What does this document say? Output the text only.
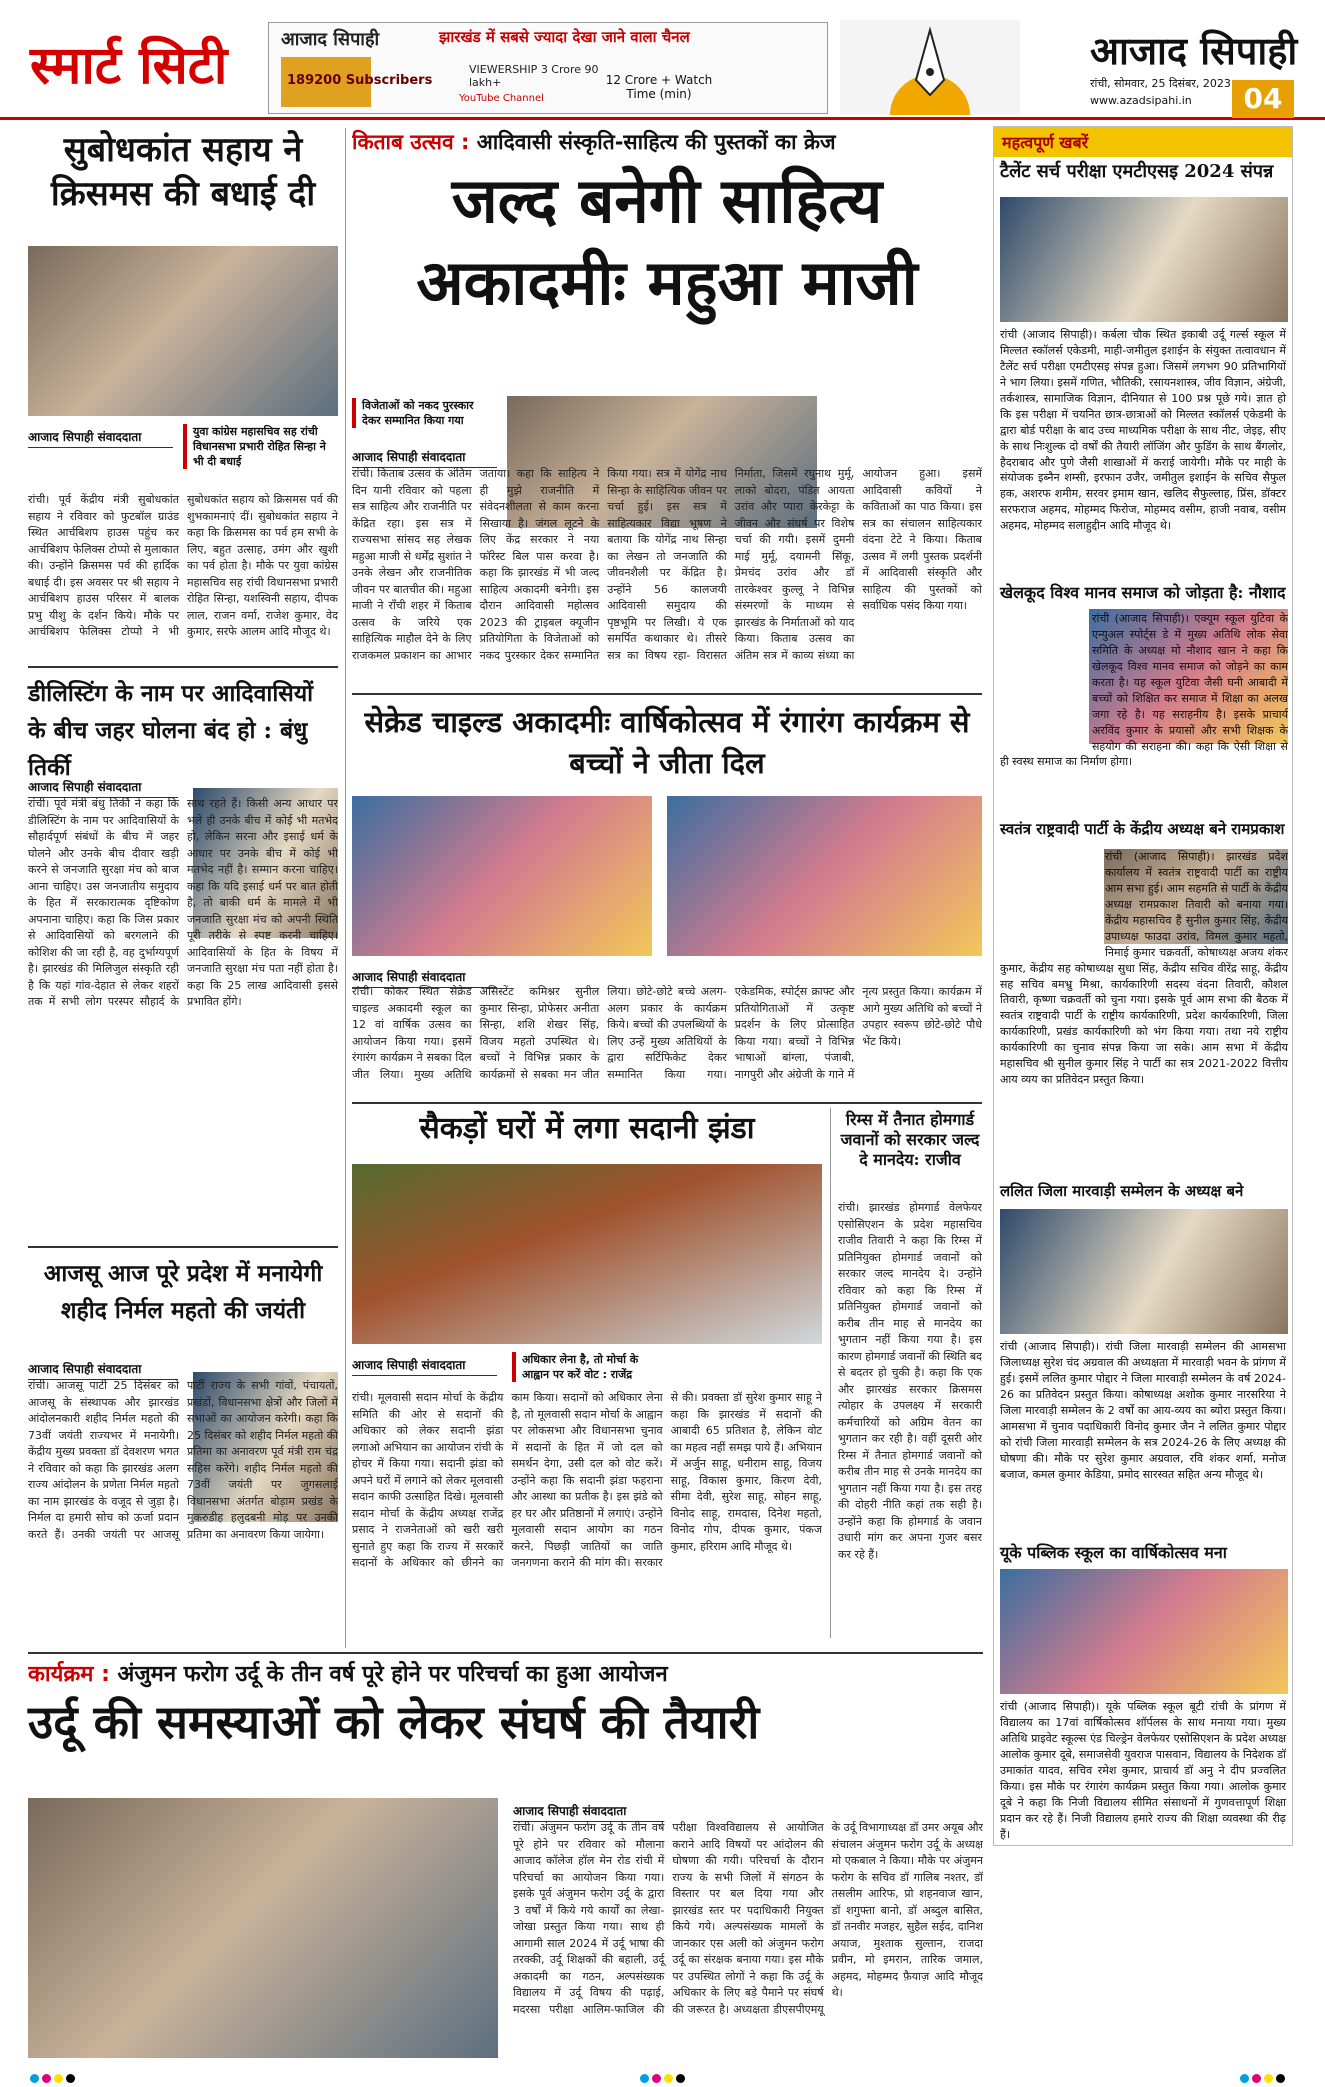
स्मार्ट सिटी	आजाद सिपाही	झारखंड में सबसे ज्यादा देखा जाने वाला चैनल
189200 Subscribers
VIEWERSHIP 3 Crore 90 lakh+	12 Crore + Watch Time (min)
YouTube Channel
आजाद सिपाही
रांची, सोमवार, 25 दिसंबर, 2023
www.azadsipahi.in	04
सुबोधकांत सहाय ने क्रिसमस की बधाई दी
आजाद सिपाही संवाददाता	युवा कांग्रेस महासचिव सह रांची विधानसभा प्रभारी रोहित सिन्हा ने भी दी बधाई
रांची। पूर्व केंद्रीय मंत्री सुबोधकांत सहाय ने रविवार को फुटबॉल ग्राउंड स्थित आर्चबिशप हाउस पहुंच कर आर्चबिशप फेलिक्स टोप्पो से मुलाकात की। उन्होंने क्रिसमस पर्व की हार्दिक बधाई दी। इस अवसर पर श्री सहाय ने आर्चबिशप हाउस परिसर में बालक प्रभु यीशु के दर्शन किये। मौके पर आर्चबिशप फेलिक्स टोप्पो ने भी सुबोधकांत सहाय को क्रिसमस पर्व की शुभकामनाएं दीं। सुबोधकांत सहाय ने कहा कि क्रिसमस का पर्व हम सभी के लिए, बहुत उत्साह, उमंग और खुशी का पर्व होता है। मौके पर युवा कांग्रेस महासचिव सह रांची विधानसभा प्रभारी रोहित सिन्हा, यशस्विनी सहाय, दीपक लाल, राजन वर्मा, राजेश कुमार, वेद कुमार, सरफे आलम आदि मौजूद थे।
डीलिस्टिंग के नाम पर आदिवासियों के बीच जहर घोलना बंद हो : बंधु तिर्की
आजाद सिपाही संवाददाता
रांची। पूर्व मंत्री बंधु तिर्की ने कहा कि डीलिस्टिंग के नाम पर आदिवासियों के सौहार्दपूर्ण संबंधों के बीच में जहर घोलने और उनके बीच दीवार खड़ी करने से जनजाति सुरक्षा मंच को बाज आना चाहिए। उस जनजातीय समुदाय के हित में सरकारात्मक दृष्टिकोण अपनाना चाहिए। कहा कि जिस प्रकार से आदिवासियों को बरगलाने की कोशिश की जा रही है, वह दुर्भाग्यपूर्ण है। झारखंड की मिलिजुल संस्कृति रही है कि यहां गांव-देहात से लेकर शहरों तक में सभी लोग परस्पर सौहार्द के साथ रहते हैं। किसी अन्य आधार पर भले ही उनके बीच में कोई भी मतभेद हो, लेकिन सरना और इसाई धर्म के आधार पर उनके बीच में कोई भी मतभेद नहीं है। सम्मान करना चाहिए। कहा कि यदि इसाई धर्म पर बात होती है, तो बाकी धर्म के मामले में भी जनजाति सुरक्षा मंच को अपनी स्थिति पूरी तरीके से स्पष्ट करनी चाहिए। आदिवासियों के हित के विषय में जनजाति सुरक्षा मंच पता नहीं होता है। कहा कि 25 लाख आदिवासी इससे प्रभावित होंगे।
आजसू आज पूरे प्रदेश में मनायेगी शहीद निर्मल महतो की जयंती
आजाद सिपाही संवाददाता
रांची। आजसू पार्टी 25 दिसंबर को आजसू के संस्थापक और झारखंड आंदोलनकारी शहीद निर्मल महतो की 73वीं जयंती राज्यभर में मनायेगी। केंद्रीय मुख्य प्रवक्ता डॉ देवशरण भगत ने रविवार को कहा कि झारखंड अलग राज्य आंदोलन के प्रणेता निर्मल महतो का नाम झारखंड के वजूद से जुड़ा है। निर्मल दा हमारी सोच को ऊर्जा प्रदान करते हैं। उनकी जयंती पर आजसू पार्टी राज्य के सभी गांवों, पंचायतों, प्रखंडों, विधानसभा क्षेत्रों और जिलों में सभाओं का आयोजन करेगी। कहा कि 25 दिसंबर को शहीद निर्मल महतो की प्रतिमा का अनावरण पूर्व मंत्री राम चंद्र सहिस करेंगे। शहीद निर्मल महतो की 73वीं जयंती पर जुगसलाई विधानसभा अंतर्गत बोड़ाम प्रखंड के मुकरुडीह हलुदबनी मोड़ पर उनकी प्रतिमा का अनावरण किया जायेगा।
किताब उत्सव : आदिवासी संस्कृति-साहित्य की पुस्तकों का क्रेज
जल्द बनेगी साहित्य अकादमीः महुआ माजी
विजेताओं को नकद पुरस्कार देकर सम्मानित किया गया
आजाद सिपाही संवाददाता
रांची। किताब उत्सव के अंतिम दिन यानी रविवार को पहला सत्र साहित्य और राजनीति पर केंद्रित रहा। इस सत्र में राज्यसभा सांसद सह लेखक महुआ माजी से धर्मेंद्र सुशांत ने उनके लेखन और राजनीतिक जीवन पर बातचीत की। महुआ माजी ने राँची शहर में किताब उत्सव के जरिये एक साहित्यिक माहौल देने के लिए राजकमल प्रकाशन का आभार जताया। कहा कि साहित्य ने ही मुझे राजनीति में संवेदनशीलता से काम करना सिखाया है। जंगल लूटने के लिए केंद्र सरकार ने नया फॉरेस्ट बिल पास करवा है। कहा कि झारखंड में भी जल्द साहित्य अकादमी बनेगी। इस दौरान आदिवासी महोत्सव 2023 की ट्राइबल क्यूजीन प्रतियोगिता के विजेताओं को नकद पुरस्कार देकर सम्मानित किया गया। सत्र में योगेंद्र नाथ सिन्हा के साहित्यिक जीवन पर चर्चा हुई। इस सत्र में साहित्यकार विद्या भूषण ने बताया कि योगेंद्र नाथ सिन्हा का लेखन तो जनजाति की जीवनशैली पर केंद्रित है। उन्होंने 56 कालजयी आदिवासी समुदाय की पृष्ठभूमि पर लिखी। ये एक समर्पित कथाकार थे। तीसरे सत्र का विषय रहा- विरासत निर्माता, जिसमें रघुनाथ मुर्मू, लाको बोदरा, पंडित आयता उरांव और प्यारा केरकेट्टा के जीवन और संघर्ष पर विशेष चर्चा की गयी। इसमें दुमनी माई मुर्मू, दयामनी सिंकू, प्रेमचंद उरांव और डॉ तारकेश्वर कुल्लू ने विभिन्न संस्मरणों के माध्यम से झारखंड के निर्माताओं को याद किया। किताब उत्सव का अंतिम सत्र में काव्य संध्या का आयोजन हुआ। इसमें आदिवासी कवियों ने कविताओं का पाठ किया। इस सत्र का संचालन साहित्यकार वंदना टेटे ने किया। किताब उत्सव में लगी पुस्तक प्रदर्शनी में आदिवासी संस्कृति और साहित्य की पुस्तकों को सर्वाधिक पसंद किया गया।
सेक्रेड चाइल्ड अकादमीः वार्षिकोत्सव में रंगारंग कार्यक्रम से बच्चों ने जीता दिल
आजाद सिपाही संवाददाता
रांची। कोकर स्थित सेक्रेड चाइल्ड अकादमी स्कूल का 12 वां वार्षिक उत्सव का आयोजन किया गया। इसमें रंगारंग कार्यक्रम ने सबका दिल जीत लिया। मुख्य अतिथि असिस्टेंट कमिश्नर सुनील कुमार सिन्हा, प्रोफेसर अनीता सिन्हा, शशि शेखर सिंह, विजय महतो उपस्थित थे। बच्चों ने विभिन्न प्रकार के कार्यक्रमों से सबका मन जीत लिया। छोटे-छोटे बच्चे अलग-अलग प्रकार के कार्यक्रम किये। बच्चों की उपलब्धियों के लिए उन्हें मुख्य अतिथियों के द्वारा सर्टिफिकेट देकर सम्मानित किया गया। एकेडमिक, स्पोर्ट्स क्राफ्ट और प्रतियोगिताओं में उत्कृष्ट प्रदर्शन के लिए प्रोत्साहित किया गया। बच्चों ने विभिन्न भाषाओं बांग्ला, पंजाबी, नागपुरी और अंग्रेजी के गाने में नृत्य प्रस्तुत किया। कार्यक्रम में आगे मुख्य अतिथि को बच्चों ने उपहार स्वरूप छोटे-छोटे पौधे भेंट किये।
सैकड़ों घरों में लगा सदानी झंडा
आजाद सिपाही संवाददाता	अधिकार लेना है, तो मोर्चा के आह्वान पर करें वोट : राजेंद्र
रांची। मूलवासी सदान मोर्चा के केंद्रीय समिति की ओर से सदानों की अधिकार को लेकर सदानी झंडा लगाओ अभियान का आयोजन रांची के होचर में किया गया। सदानी झंडा को अपने घरों में लगाने को लेकर मूलवासी सदान काफी उत्साहित दिखे। मूलवासी सदान मोर्चा के केंद्रीय अध्यक्ष राजेंद्र प्रसाद ने राजनेताओं को खरी खरी सुनाते हुए कहा कि राज्य में सरकारें सदानों के अधिकार को छीनने का काम किया। सदानों को अधिकार लेना है, तो मूलवासी सदान मोर्चा के आह्वान पर लोकसभा और विधानसभा चुनाव में सदानों के हित में जो दल को समर्थन देगा, उसी दल को वोट करें। उन्होंने कहा कि सदानी झंडा फहराना और आस्था का प्रतीक है। इस झंडे को हर घर और प्रतिष्ठानों में लगाएं। उन्होंने मूलवासी सदान आयोग का गठन करने, पिछड़ी जातियों का जाति जनगणना कराने की मांग की। सरकार से की। प्रवक्ता डॉ सुरेश कुमार साहू ने कहा कि झारखंड में सदानों की आबादी 65 प्रतिशत है, लेकिन वोट का महत्व नहीं समझ पाये हैं। अभियान में अर्जुन साहू, धनीराम साहू, विजय साहू, विकास कुमार, किरण देवी, सीमा देवी, सुरेश साहू, सोहन साहू, विनोद साहू, रामदास, दिनेश महतो, विनोद गोप, दीपक कुमार, पंकज कुमार, हरिराम आदि मौजूद थे।
रिम्स में तैनात होमगार्ड जवानों को सरकार जल्द दे मानदेय: राजीव
रांची। झारखंड होमगार्ड वेलफेयर एसोसिएशन के प्रदेश महासचिव राजीव तिवारी ने कहा कि रिम्स में प्रतिनियुक्त होमगार्ड जवानों को सरकार जल्द मानदेय दे। उन्होंने रविवार को कहा कि रिम्स में प्रतिनियुक्त होमगार्ड जवानों को करीब तीन माह से मानदेय का भुगतान नहीं किया गया है। इस कारण होमगार्ड जवानों की स्थिति बद से बदतर हो चुकी है। कहा कि एक और झारखंड सरकार क्रिसमस त्योहार के उपलक्ष्य में सरकारी कर्मचारियों को अग्रिम वेतन का भुगतान कर रही है। वहीं दूसरी ओर रिम्स में तैनात होमगार्ड जवानों को करीब तीन माह से उनके मानदेय का भुगतान नहीं किया गया है। इस तरह की दोहरी नीति कहां तक सही है। उन्होंने कहा कि होमगार्ड के जवान उधारी मांग कर अपना गुजर बसर कर रहे हैं।
महत्वपूर्ण खबरें
टैलेंट सर्च परीक्षा एमटीएसइ 2024 संपन्न
रांची (आजाद सिपाही)। कर्बला चौक स्थित इकाबी उर्दू गर्ल्स स्कूल में मिल्लत स्कॉलर्स एकेडमी, माही-जमीतुल इशाईन के संयुक्त तत्वावधान में टैलेंट सर्च परीक्षा एमटीएसइ संपन्न हुआ। जिसमें लगभग 90 प्रतिभागियों ने भाग लिया। इसमें गणित, भौतिकी, रसायनशास्त्र, जीव विज्ञान, अंग्रेजी, तर्कशास्त्र, सामाजिक विज्ञान, दीनियात से 100 प्रश्न पूछे गये। ज्ञात हो कि इस परीक्षा में चयनित छात्र-छात्राओं को मिल्लत स्कॉलर्स एकेडमी के द्वारा बोर्ड परीक्षा के बाद उच्च माध्यमिक परीक्षा के साथ नीट, जेइइ, सीए के साथ निःशुल्क दो वर्षों की तैयारी लॉजिंग और फुडिंग के साथ बैंगलोर, हैदराबाद और पुणे जैसी शाखाओं में कराई जायेगी। मौके पर माही के संयोजक इब्नैन शम्सी, इरफान उजैर, जमीतुल इशाईन के सचिव सैफुल हक, अशरफ शमीम, सरवर इमाम खान, खलिद सैफुल्लाह, प्रिंस, डॉक्टर सरफराज अहमद, मोहम्मद फिरोज, मोहम्मद वसीम, हाजी नवाब, वसीम अहमद, मोहम्मद सलाहुद्दीन आदि मौजूद थे।
खेलकूद विश्व मानव समाज को जोड़ता है: नौशाद
रांची (आजाद सिपाही)। एक्यूम स्कूल युटिवा के एन्युअल स्पोर्ट्स डे में मुख्य अतिथि लोक सेवा समिति के अध्यक्ष मो नौशाद खान ने कहा कि खेलकूद विश्व मानव समाज को जोड़ने का काम करता है। यह स्कूल युटिवा जैसी घनी आबादी में बच्चों को शिक्षित कर समाज में शिक्षा का अलख जगा रहे है। यह सराहनीय है। इसके प्राचार्य अरविंद कुमार के प्रयासों और सभी शिक्षक के सहयोग की सराहना की। कहा कि ऐसी शिक्षा से ही स्वस्थ समाज का निर्माण होगा।
स्वतंत्र राष्ट्रवादी पार्टी के केंद्रीय अध्यक्ष बने रामप्रकाश
रांची (आजाद सिपाही)। झारखंड प्रदेश कार्यालय में स्वतंत्र राष्ट्रवादी पार्टी का राष्ट्रीय आम सभा हुई। आम सहमति से पार्टी के केंद्रीय अध्यक्ष रामप्रकाश तिवारी को बनाया गया। केंद्रीय महासचिव हैं सुनील कुमार सिंह, केंद्रीय उपाध्यक्ष फाउदा उरांव, विमल कुमार महतो, निमाई कुमार चक्रवर्ती, कोषाध्यक्ष अजय शंकर कुमार, केंद्रीय सह कोषाध्यक्ष सुधा सिंह, केंद्रीय सचिव वीरेंद्र साहू, केंद्रीय सह सचिव बमभ्रु मिश्रा, कार्यकारिणी सदस्य वंदना तिवारी, कौशल तिवारी, कृष्णा चक्रवर्ती को चुना गया। इसके पूर्व आम सभा की बैठक में स्वतंत्र राष्ट्रवादी पार्टी के राष्ट्रीय कार्यकारिणी, प्रदेश कार्यकारिणी, जिला कार्यकारिणी, प्रखंड कार्यकारिणी को भंग किया गया। तथा नये राष्ट्रीय कार्यकारिणी का चुनाव संपन्न किया जा सके। आम सभा में केंद्रीय महासचिव श्री सुनील कुमार सिंह ने पार्टी का सत्र 2021-2022 वित्तीय आय व्यय का प्रतिवेदन प्रस्तुत किया।
ललित जिला मारवाड़ी सम्मेलन के अध्यक्ष बने
रांची (आजाद सिपाही)। रांची जिला मारवाड़ी सम्मेलन की आमसभा जिलाध्यक्ष सुरेश चंद अग्रवाल की अध्यक्षता में मारवाड़ी भवन के प्रांगण में हुई। इसमें ललित कुमार पोद्दार ने जिला मारवाड़ी सम्मेलन के वर्ष 2024-26 का प्रतिवेदन प्रस्तुत किया। कोषाध्यक्ष अशोक कुमार नारसरिया ने जिला मारवाड़ी सम्मेलन के 2 वर्षों का आय-व्यय का ब्योरा प्रस्तुत किया। आमसभा में चुनाव पदाधिकारी विनोद कुमार जैन ने ललित कुमार पोद्दार को रांची जिला मारवाड़ी सम्मेलन के सत्र 2024-26 के लिए अध्यक्ष की घोषणा की। मौके पर सुरेश कुमार अग्रवाल, रवि शंकर शर्मा, मनोज बजाज, कमल कुमार केडिया, प्रमोद सारस्वत सहित अन्य मौजूद थे।
यूके पब्लिक स्कूल का वार्षिकोत्सव मना
रांची (आजाद सिपाही)। यूके पब्लिक स्कूल बूटी रांची के प्रांगण में विद्यालय का 17वां वार्षिकोत्सव शॉर्पलस के साथ मनाया गया। मुख्य अतिथि प्राइवेट स्कूल्स एंड चिल्ड्रेन वेलफेयर एसोसिएशन के प्रदेश अध्यक्ष आलोक कुमार दूबे, समाजसेवी युवराज पासवान, विद्यालय के निदेशक डॉ उमाकांत यादव, सचिव रमेश कुमार, प्राचार्य डॉ अनु ने दीप प्रज्वलित किया। इस मौके पर रंगारंग कार्यक्रम प्रस्तुत किया गया। आलोक कुमार दूबे ने कहा कि निजी विद्यालय सीमित संसाधनों में गुणवत्तापूर्ण शिक्षा प्रदान कर रहे हैं। निजी विद्यालय हमारे राज्य की शिक्षा व्यवस्था की रीढ़ हैं।
कार्यक्रम : अंजुमन फरोग उर्दू के तीन वर्ष पूरे होने पर परिचर्चा का हुआ आयोजन
उर्दू की समस्याओं को लेकर संघर्ष की तैयारी
आजाद सिपाही संवाददाता
रांची। अंजुमन फरोग उर्दू के तीन वर्ष पूरे होने पर रविवार को मौलाना आजाद कॉलेज हॉल मेन रोड रांची में परिचर्चा का आयोजन किया गया। इसके पूर्व अंजुमन फरोग उर्दू के द्वारा 3 वर्षों में किये गये कार्यों का लेखा-जोखा प्रस्तुत किया गया। साथ ही आगामी साल 2024 में उर्दू भाषा की तरक्की, उर्दू शिक्षकों की बहाली, उर्दू अकादमी का गठन, अल्पसंख्यक विद्यालय में उर्दू विषय की पढ़ाई, मदरसा परीक्षा आलिम-फाजिल की परीक्षा विश्वविद्यालय से आयोजित कराने आदि विषयों पर आंदोलन की घोषणा की गयी। परिचर्चा के दौरान राज्य के सभी जिलों में संगठन के विस्तार पर बल दिया गया और झारखंड स्तर पर पदाधिकारी नियुक्त किये गये। अल्पसंख्यक मामलों के जानकार एस अली को अंजुमन फरोग उर्दू का संरक्षक बनाया गया। इस मौके पर उपस्थित लोगों ने कहा कि उर्दू के अधिकार के लिए बड़े पैमाने पर संघर्ष की जरूरत है। अध्यक्षता डीएसपीएमयू के उर्दू विभागाध्यक्ष डॉ उमर अयूब और संचालन अंजुमन फरोग उर्दू के अध्यक्ष मो एकबाल ने किया। मौके पर अंजुमन फरोग के सचिव डॉ गालिब नश्तर, डॉ तसलीम आरिफ, प्रो शहनवाज खान, डॉ शगुफ्ता बानो, डॉ अब्दुल बासित, डॉ तनवीर मजहर, सुहैल सईद, दानिश अयाज, मुश्ताक सुल्तान, राजदा प्रवीन, मो इमरान, तारिक जमाल, अहमद, मोहम्मद फ़ैयाज़ आदि मौजूद थे।
